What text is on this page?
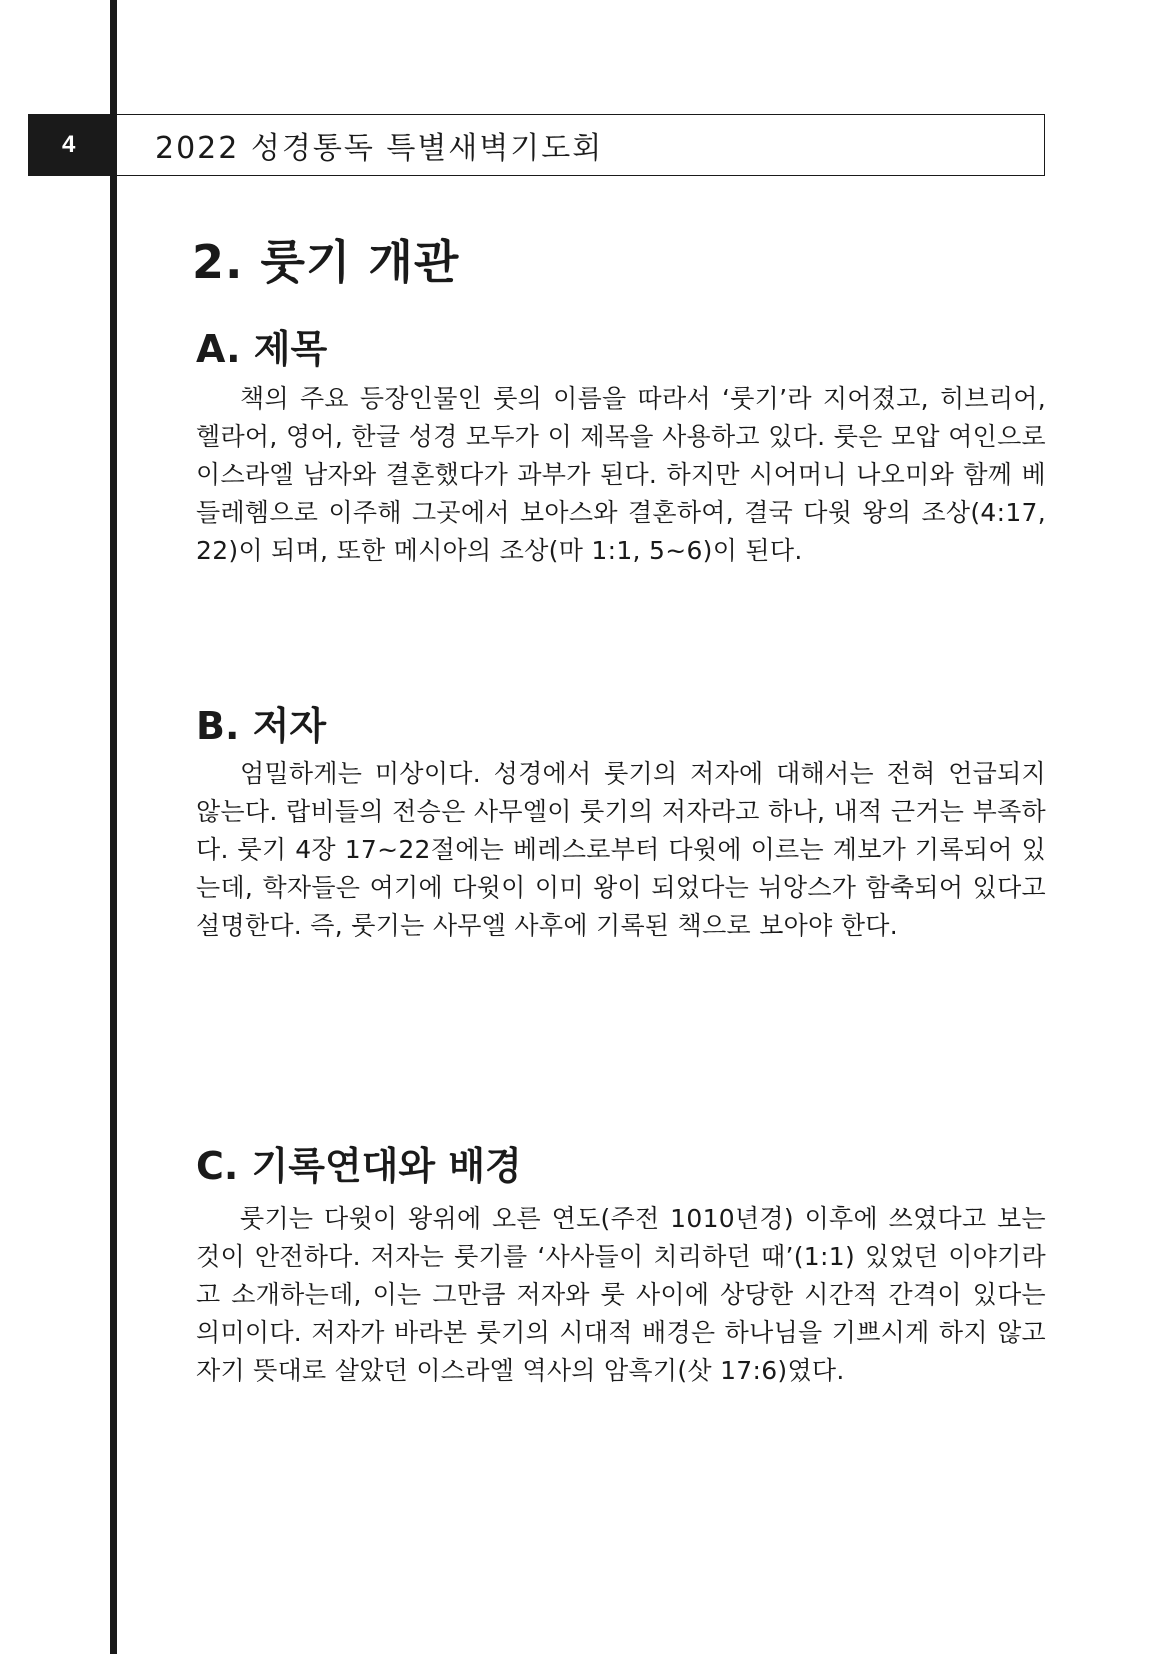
4	2022 성경통독 특별새벽기도회
2. 룻기 개관
A. 제목

책의 주요 등장인물인 룻의 이름을 따라서 ‘룻기’라 지어졌고, 히브리어, 헬라어, 영어, 한글 성경 모두가 이 제목을 사용하고 있다. 룻은 모압 여인으로 이스라엘 남자와 결혼했다가 과부가 된다. 하지만 시어머니 나오미와 함께 베들레헴으로 이주해 그곳에서 보아스와 결혼하여, 결국 다윗 왕의 조상(4:17, 22)이 되며, 또한 메시아의 조상(마 1:1, 5~6)이 된다.

B. 저자

엄밀하게는 미상이다. 성경에서 룻기의 저자에 대해서는 전혀 언급되지 않는다. 랍비들의 전승은 사무엘이 룻기의 저자라고 하나, 내적 근거는 부족하다. 룻기 4장 17~22절에는 베레스로부터 다윗에 이르는 계보가 기록되어 있는데, 학자들은 여기에 다윗이 이미 왕이 되었다는 뉘앙스가 함축되어 있다고 설명한다. 즉, 룻기는 사무엘 사후에 기록된 책으로 보아야 한다.

C. 기록연대와 배경

룻기는 다윗이 왕위에 오른 연도(주전 1010년경) 이후에 쓰였다고 보는 것이 안전하다. 저자는 룻기를 ‘사사들이 치리하던 때’(1:1) 있었던 이야기라고 소개하는데, 이는 그만큼 저자와 룻 사이에 상당한 시간적 간격이 있다는 의미이다. 저자가 바라본 룻기의 시대적 배경은 하나님을 기쁘시게 하지 않고 자기 뜻대로 살았던 이스라엘 역사의 암흑기(삿 17:6)였다.
